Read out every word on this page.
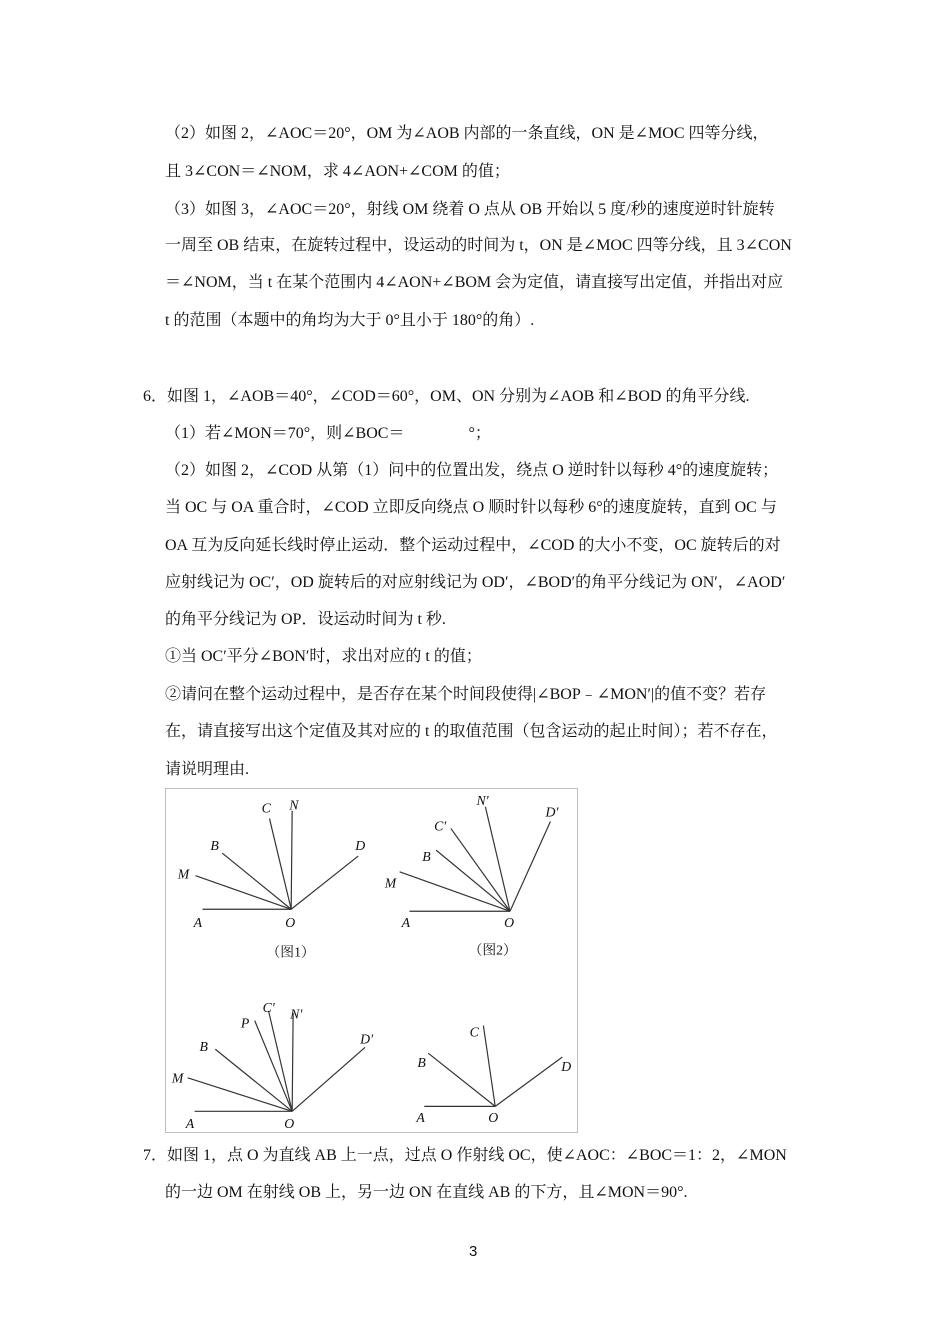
（2）如图 2，∠AOC＝20°，OM 为∠AOB 内部的一条直线，ON 是∠MOC 四等分线，
且 3∠CON＝∠NOM，求 4∠AON+∠COM 的值；
（3）如图 3，∠AOC＝20°，射线 OM 绕着 O 点从 OB 开始以 5 度/秒的速度逆时针旋转
一周至 OB 结束，在旋转过程中，设运动的时间为 t，ON 是∠MOC 四等分线，且 3∠CON
＝∠NOM，当 t 在某个范围内 4∠AON+∠BOM 会为定值，请直接写出定值，并指出对应
t 的范围（本题中的角均为大于 0°且小于 180°的角）.
6．如图 1，∠AOB＝40°，∠COD＝60°，OM、ON 分别为∠AOB 和∠BOD 的角平分线.
（1）若∠MON＝70°，则∠BOC＝　　　　°；
（2）如图 2，∠COD 从第（1）问中的位置出发，绕点 O 逆时针以每秒 4°的速度旋转；
当 OC 与 OA 重合时，∠COD 立即反向绕点 O 顺时针以每秒 6°的速度旋转，直到 OC 与
OA 互为反向延长线时停止运动．整个运动过程中，∠COD 的大小不变，OC 旋转后的对
应射线记为 OC′，OD 旋转后的对应射线记为 OD′，∠BOD′的角平分线记为 ON′，∠AOD′
的角平分线记为 OP．设运动时间为 t 秒.
①当 OC′平分∠BON′时，求出对应的 t 的值；
②请问在整个运动过程中，是否存在某个时间段使得|∠BOP﹣∠MON′|的值不变？若存
在，请直接写出这个定值及其对应的 t 的取值范围（包含运动的起止时间）；若不存在，
请说明理由.
A	O
M
B
C N
D
（图1）
A	O
M
B
C′
N′
D′
（图2）
A	O
M
B
P
C′ N′
D′
A	O
B
C
D
7．如图 1，点 O 为直线 AB 上一点，过点 O 作射线 OC，使∠AOC：∠BOC＝1：2，∠MON
的一边 OM 在射线 OB 上，另一边 ON 在直线 AB 的下方，且∠MON＝90°.
3
